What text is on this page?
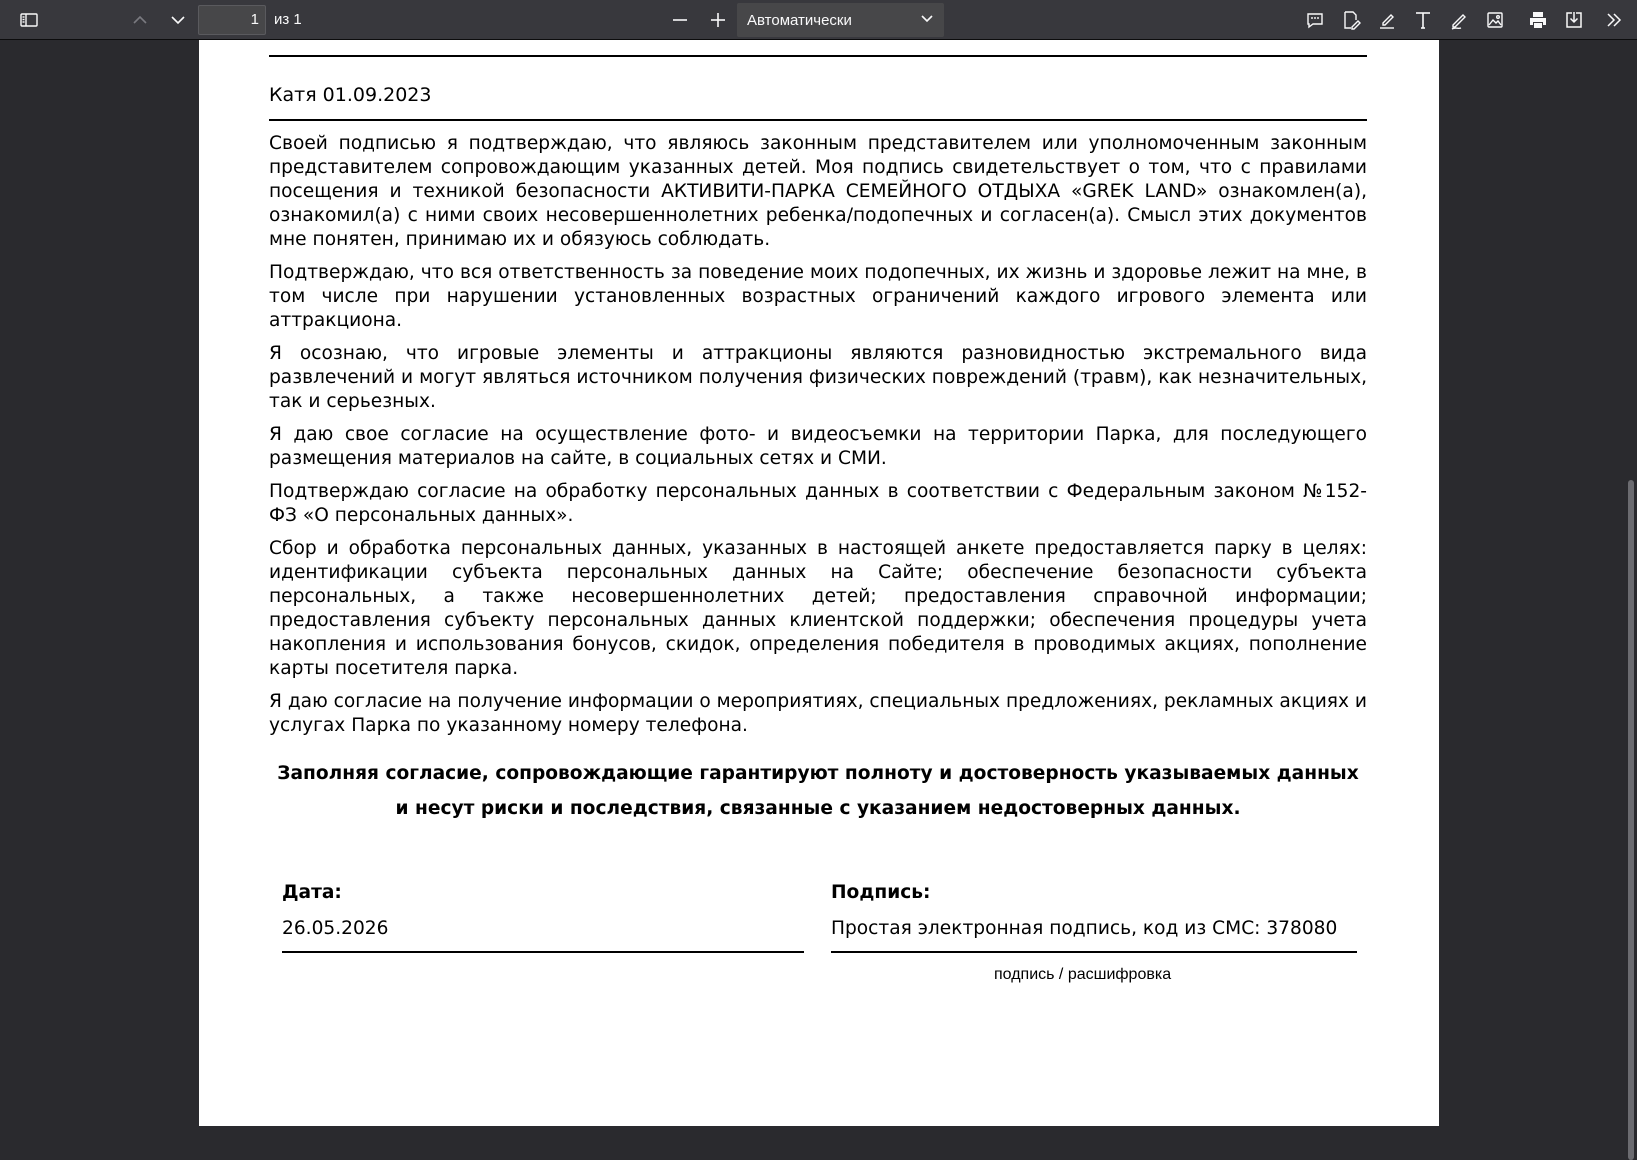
1	из 1	Автоматически
Катя 01.09.2023

Своей подписью я подтверждаю, что являюсь законным представителем или уполномоченным законным представителем сопровождающим указанных детей. Моя подпись свидетельствует о том, что с правилами посещения и техникой безопасности АКТИВИТИ-ПАРКА СЕМЕЙНОГО ОТДЫХА «GREK LAND» ознакомлен(а), ознакомил(а) с ними своих несовершеннолетних ребенка/подопечных и согласен(а). Смысл этих документов мне понятен, принимаю их и обязуюсь соблюдать.

Подтверждаю, что вся ответственность за поведение моих подопечных, их жизнь и здоровье лежит на мне, в том числе при нарушении установленных возрастных ограничений каждого игрового элемента или аттракциона.

Я осознаю, что игровые элементы и аттракционы являются разновидностью экстремального вида развлечений и могут являться источником получения физических повреждений (травм), как незначительных, так и серьезных.

Я даю свое согласие на осуществление фото- и видеосъемки на территории Парка, для последующего размещения материалов на сайте, в социальных сетях и СМИ.

Подтверждаю согласие на обработку персональных данных в соответствии с Федеральным законом №152-ФЗ «О персональных данных».

Сбор и обработка персональных данных, указанных в настоящей анкете предоставляется парку в целях: идентификации субъекта персональных данных на Сайте; обеспечение безопасности субъекта персональных, а также несовершеннолетних детей; предоставления справочной информации; предоставления субъекту персональных данных клиентской поддержки; обеспечения процедуры учета накопления и использования бонусов, скидок, определения победителя в проводимых акциях, пополнение карты посетителя парка.

Я даю согласие на получение информации о мероприятиях, специальных предложениях, рекламных акциях и услугах Парка по указанному номеру телефона.

Заполняя согласие, сопровождающие гарантируют полноту и достоверность указываемых данных
и несут риски и последствия, связанные с указанием недостоверных данных.
Дата:
26.05.2026
Подпись:
Простая электронная подпись, код из СМС: 378080
подпись / расшифровка
